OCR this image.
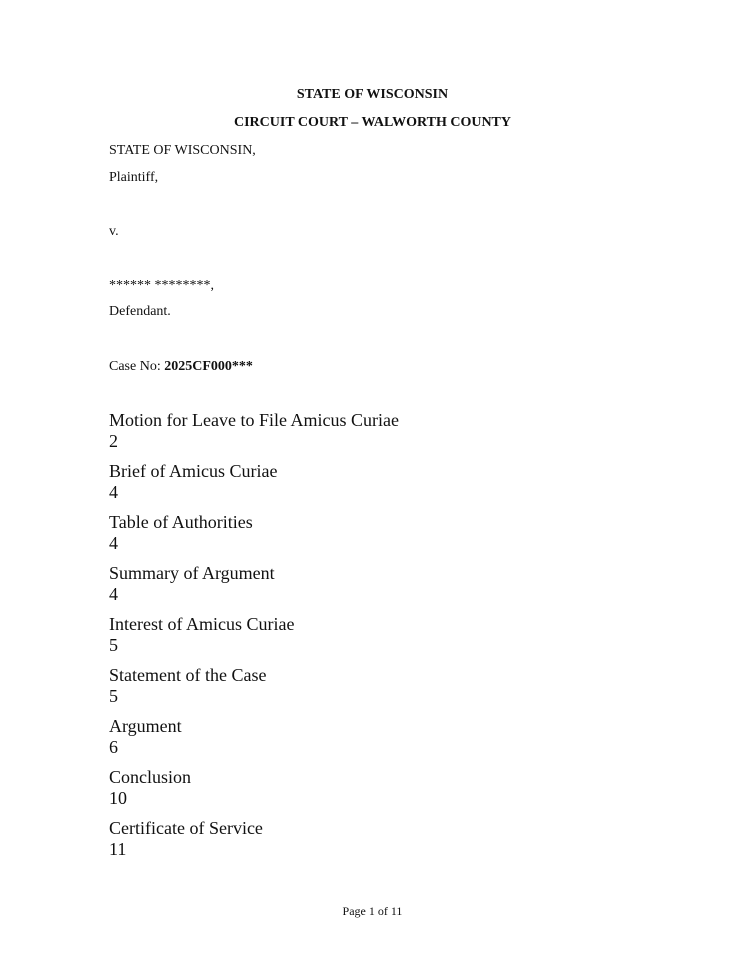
STATE OF WISCONSIN
CIRCUIT COURT – WALWORTH COUNTY
STATE OF WISCONSIN,
Plaintiff,
v.
****** ********,
Defendant.
Case No: 2025CF000***
Motion for Leave to File Amicus Curiae
2
Brief of Amicus Curiae
4
Table of Authorities
4
Summary of Argument
4
Interest of Amicus Curiae
5
Statement of the Case
5
Argument
6
Conclusion
10
Certificate of Service
11
Page 1 of 11
